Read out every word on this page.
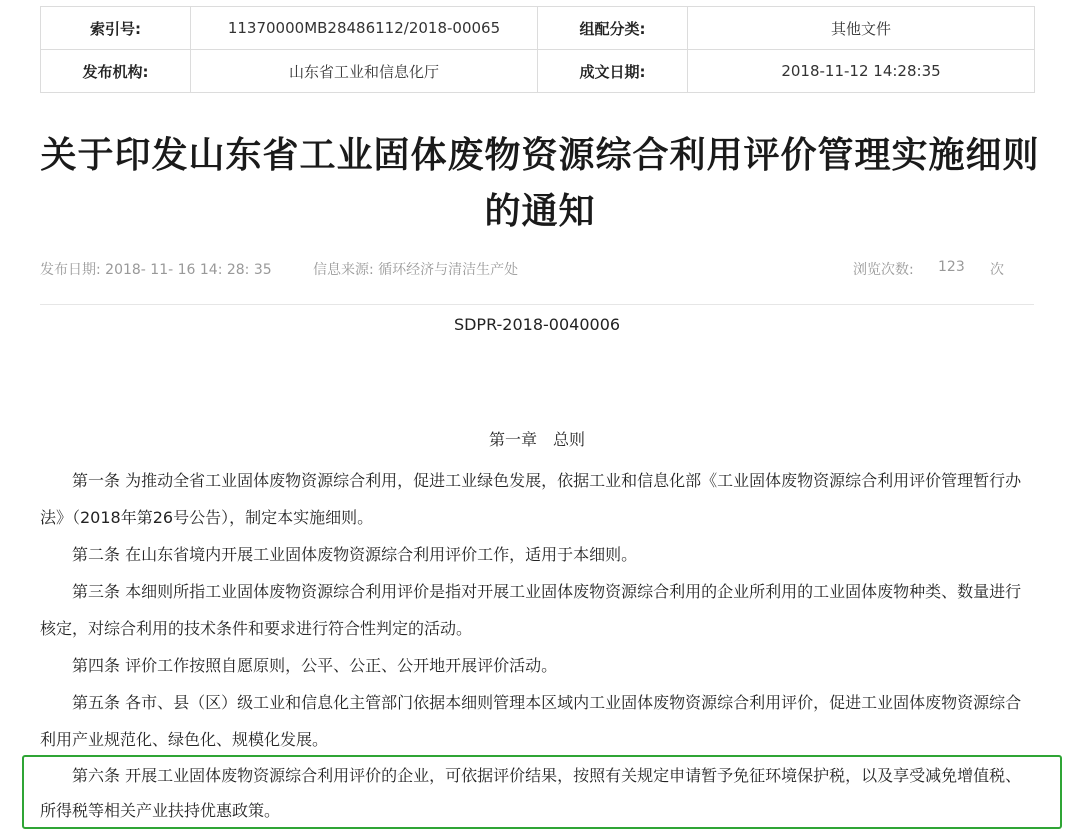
索引号:	11370000MB28486112/2018-00065	组配分类:	其他文件
发布机构:	山东省工业和信息化厅	成文日期:	2018-11-12 14:28:35
关于印发山东省工业固体废物资源综合利用评价管理实施细则的通知
发布日期: 2018- 11- 16 14: 28: 35	信息来源: 循环经济与清洁生产处	浏览次数: 123 次
SDPR-2018-0040006
第一章　总则

第一条 为推动全省工业固体废物资源综合利用，促进工业绿色发展，依据工业和信息化部《工业固体废物资源综合利用评价管理暂行办法》（2018年第26号公告），制定本实施细则。

第二条 在山东省境内开展工业固体废物资源综合利用评价工作，适用于本细则。

第三条 本细则所指工业固体废物资源综合利用评价是指对开展工业固体废物资源综合利用的企业所利用的工业固体废物种类、数量进行核定，对综合利用的技术条件和要求进行符合性判定的活动。

第四条 评价工作按照自愿原则，公平、公正、公开地开展评价活动。

第五条 各市、县（区）级工业和信息化主管部门依据本细则管理本区域内工业固体废物资源综合利用评价，促进工业固体废物资源综合利用产业规范化、绿色化、规模化发展。

第六条 开展工业固体废物资源综合利用评价的企业，可依据评价结果，按照有关规定申请暂予免征环境保护税，以及享受减免增值税、所得税等相关产业扶持优惠政策。
